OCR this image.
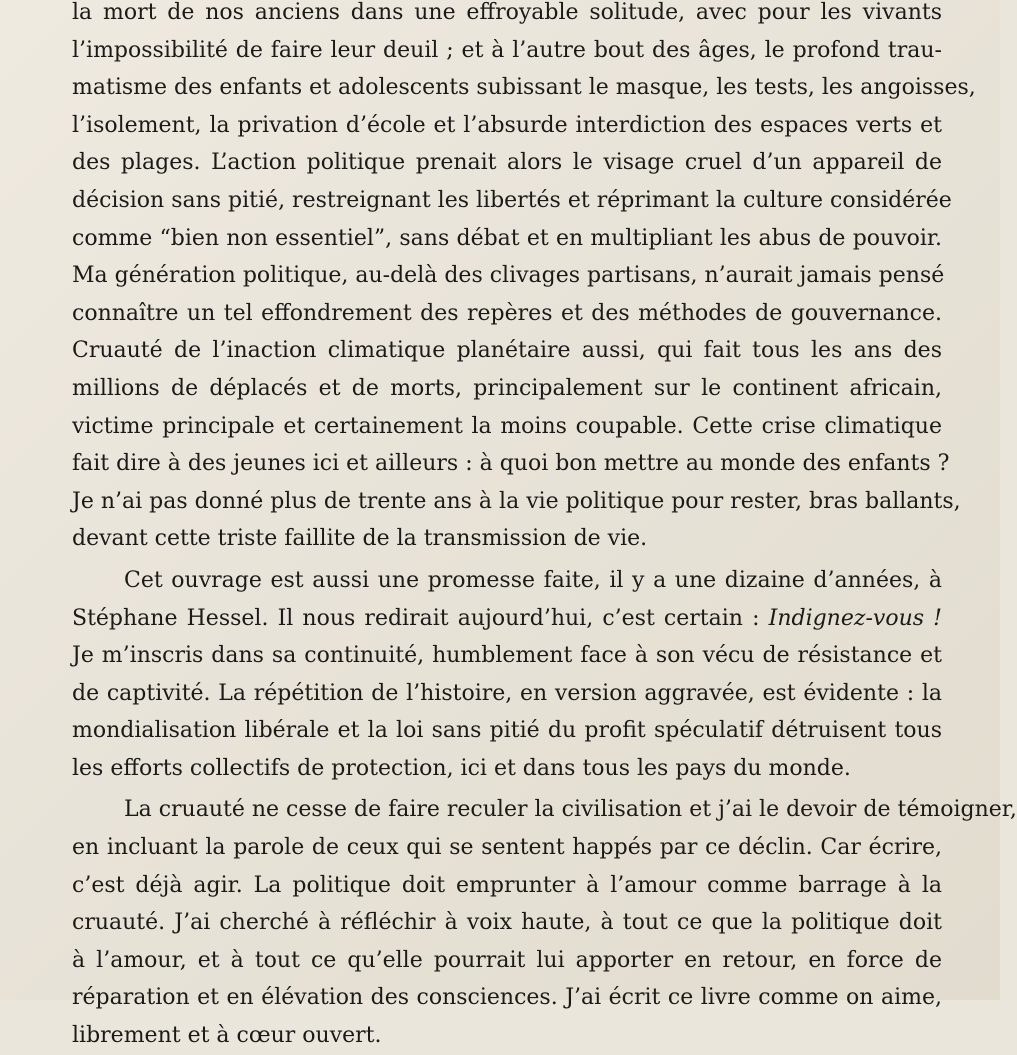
la mort de nos anciens dans une effroyable solitude, avec pour les vivants
l’impossibilité de faire leur deuil ; et à l’autre bout des âges, le profond trau-
matisme des enfants et adolescents subissant le masque, les tests, les angoisses,
l’isolement, la privation d’école et l’absurde interdiction des espaces verts et
des plages. L’action politique prenait alors le visage cruel d’un appareil de
décision sans pitié, restreignant les libertés et réprimant la culture considérée
comme “bien non essentiel”, sans débat et en multipliant les abus de pouvoir.
Ma génération politique, au-delà des clivages partisans, n’aurait jamais pensé
connaître un tel effondrement des repères et des méthodes de gouvernance.
Cruauté de l’inaction climatique planétaire aussi, qui fait tous les ans des
millions de déplacés et de morts, principalement sur le continent africain,
victime principale et certainement la moins coupable. Cette crise climatique
fait dire à des jeunes ici et ailleurs : à quoi bon mettre au monde des enfants ?
Je n’ai pas donné plus de trente ans à la vie politique pour rester, bras ballants,
devant cette triste faillite de la transmission de vie.
Cet ouvrage est aussi une promesse faite, il y a une dizaine d’années, à
Stéphane Hessel. Il nous redirait aujourd’hui, c’est certain : Indignez-vous !
Je m’inscris dans sa continuité, humblement face à son vécu de résistance et
de captivité. La répétition de l’histoire, en version aggravée, est évidente : la
mondialisation libérale et la loi sans pitié du profit spéculatif détruisent tous
les efforts collectifs de protection, ici et dans tous les pays du monde.
La cruauté ne cesse de faire reculer la civilisation et j’ai le devoir de témoigner,
en incluant la parole de ceux qui se sentent happés par ce déclin. Car écrire,
c’est déjà agir. La politique doit emprunter à l’amour comme barrage à la
cruauté. J’ai cherché à réfléchir à voix haute, à tout ce que la politique doit
à l’amour, et à tout ce qu’elle pourrait lui apporter en retour, en force de
réparation et en élévation des consciences. J’ai écrit ce livre comme on aime,
librement et à cœur ouvert.
